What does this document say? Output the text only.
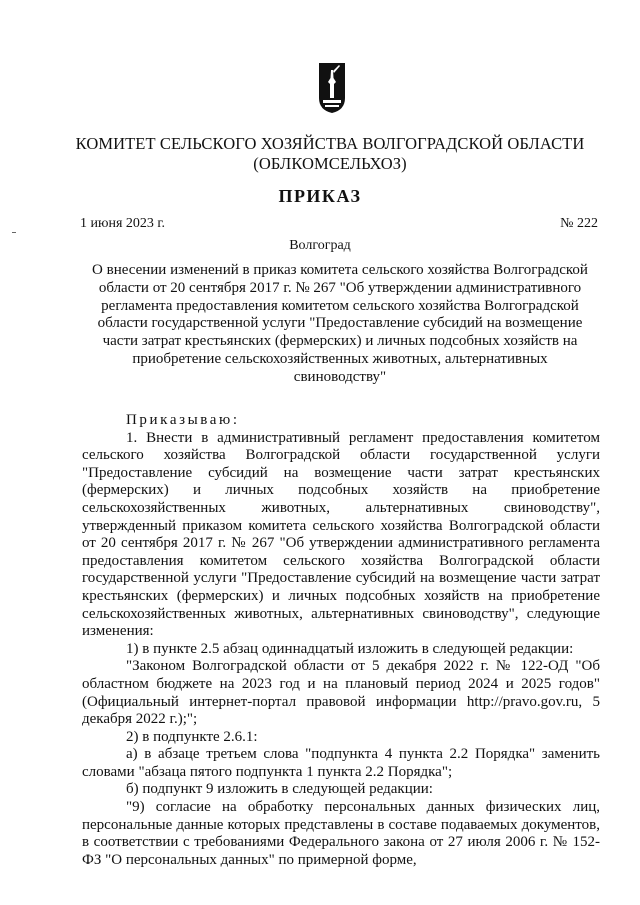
КОМИТЕТ СЕЛЬСКОГО ХОЗЯЙСТВА ВОЛГОГРАДСКОЙ ОБЛАСТИ
(ОБЛКОМСЕЛЬХОЗ)
ПРИКАЗ
1 июня 2023 г.	№ 222
Волгоград
О внесении изменений в приказ комитета сельского хозяйства Волгоградской области от 20 сентября 2017 г. № 267 "Об утверждении административного регламента предоставления комитетом сельского хозяйства Волгоградской области государственной услуги "Предоставление субсидий на возмещение части затрат крестьянских (фермерских) и личных подсобных хозяйств на приобретение сельскохозяйственных животных, альтернативных свиноводству"

Приказываю:

1. Внести в административный регламент предоставления комитетом сельского хозяйства Волгоградской области государственной услуги "Предоставление субсидий на возмещение части затрат крестьянских (фермерских) и личных подсобных хозяйств на приобретение сельскохозяйственных животных, альтернативных свиноводству", утвержденный приказом комитета сельского хозяйства Волгоградской области от 20 сентября 2017 г. № 267 "Об утверждении административного регламента предоставления комитетом сельского хозяйства Волгоградской области государственной услуги "Предоставление субсидий на возмещение части затрат крестьянских (фермерских) и личных подсобных хозяйств на приобретение сельскохозяйственных животных, альтернативных свиноводству", следующие изменения:

1) в пункте 2.5 абзац одиннадцатый изложить в следующей редакции:

"Законом Волгоградской области от 5 декабря 2022 г. № 122-ОД "Об областном бюджете на 2023 год и на плановый период 2024 и 2025 годов" (Официальный интернет-портал правовой информации http://pravo.gov.ru, 5 декабря 2022 г.);";

2) в подпункте 2.6.1:

а) в абзаце третьем слова "подпункта 4 пункта 2.2 Порядка" заменить словами "абзаца пятого подпункта 1 пункта 2.2 Порядка";

б) подпункт 9 изложить в следующей редакции:

"9) согласие на обработку персональных данных физических лиц, персональные данные которых представлены в составе подаваемых документов, в соответствии с требованиями Федерального закона от 27 июля 2006 г. № 152-ФЗ "О персональных данных" по примерной форме,
